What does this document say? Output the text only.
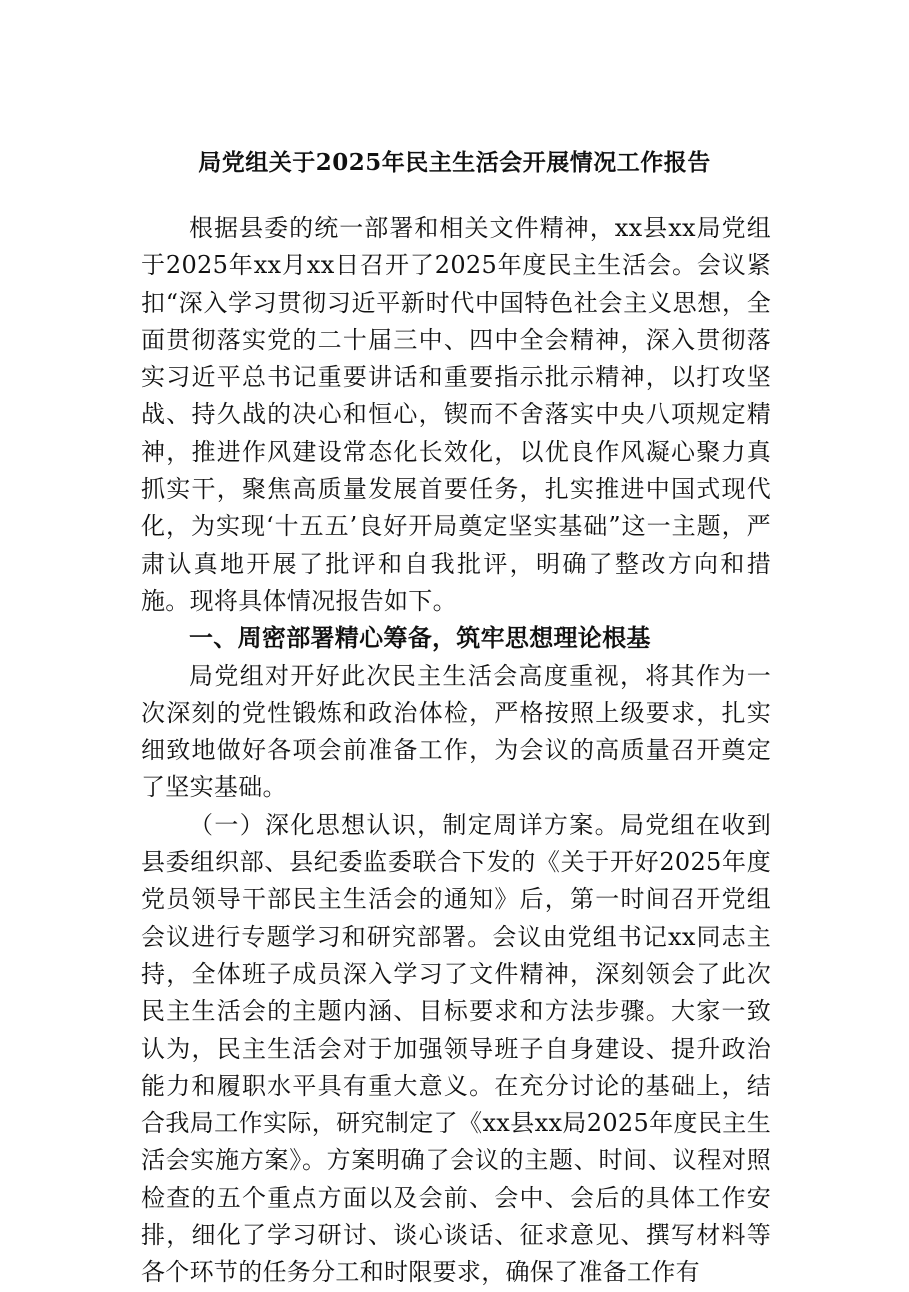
局党组关于2025年民主生活会开展情况工作报告

根据县委的统一部署和相关文件精神，xx县xx局党组于2025年xx月xx日召开了2025年度民主生活会。会议紧扣“深入学习贯彻习近平新时代中国特色社会主义思想，全面贯彻落实党的二十届三中、四中全会精神，深入贯彻落实习近平总书记重要讲话和重要指示批示精神，以打攻坚战、持久战的决心和恒心，锲而不舍落实中央八项规定精神，推进作风建设常态化长效化，以优良作风凝心聚力真抓实干，聚焦高质量发展首要任务，扎实推进中国式现代化，为实现‘十五五’良好开局奠定坚实基础”这一主题，严肃认真地开展了批评和自我批评，明确了整改方向和措施。现将具体情况报告如下。

一、周密部署精心筹备，筑牢思想理论根基

局党组对开好此次民主生活会高度重视，将其作为一次深刻的党性锻炼和政治体检，严格按照上级要求，扎实细致地做好各项会前准备工作，为会议的高质量召开奠定了坚实基础。

（一）深化思想认识，制定周详方案。局党组在收到县委组织部、县纪委监委联合下发的《关于开好2025年度党员领导干部民主生活会的通知》后，第一时间召开党组会议进行专题学习和研究部署。会议由党组书记xx同志主持，全体班子成员深入学习了文件精神，深刻领会了此次民主生活会的主题内涵、目标要求和方法步骤。大家一致认为，民主生活会对于加强领导班子自身建设、提升政治能力和履职水平具有重大意义。在充分讨论的基础上，结合我局工作实际，研究制定了《xx县xx局2025年度民主生活会实施方案》。方案明确了会议的主题、时间、议程对照检查的五个重点方面以及会前、会中、会后的具体工作安排，细化了学习研讨、谈心谈话、征求意见、撰写材料等各个环节的任务分工和时限要求，确保了准备工作有
